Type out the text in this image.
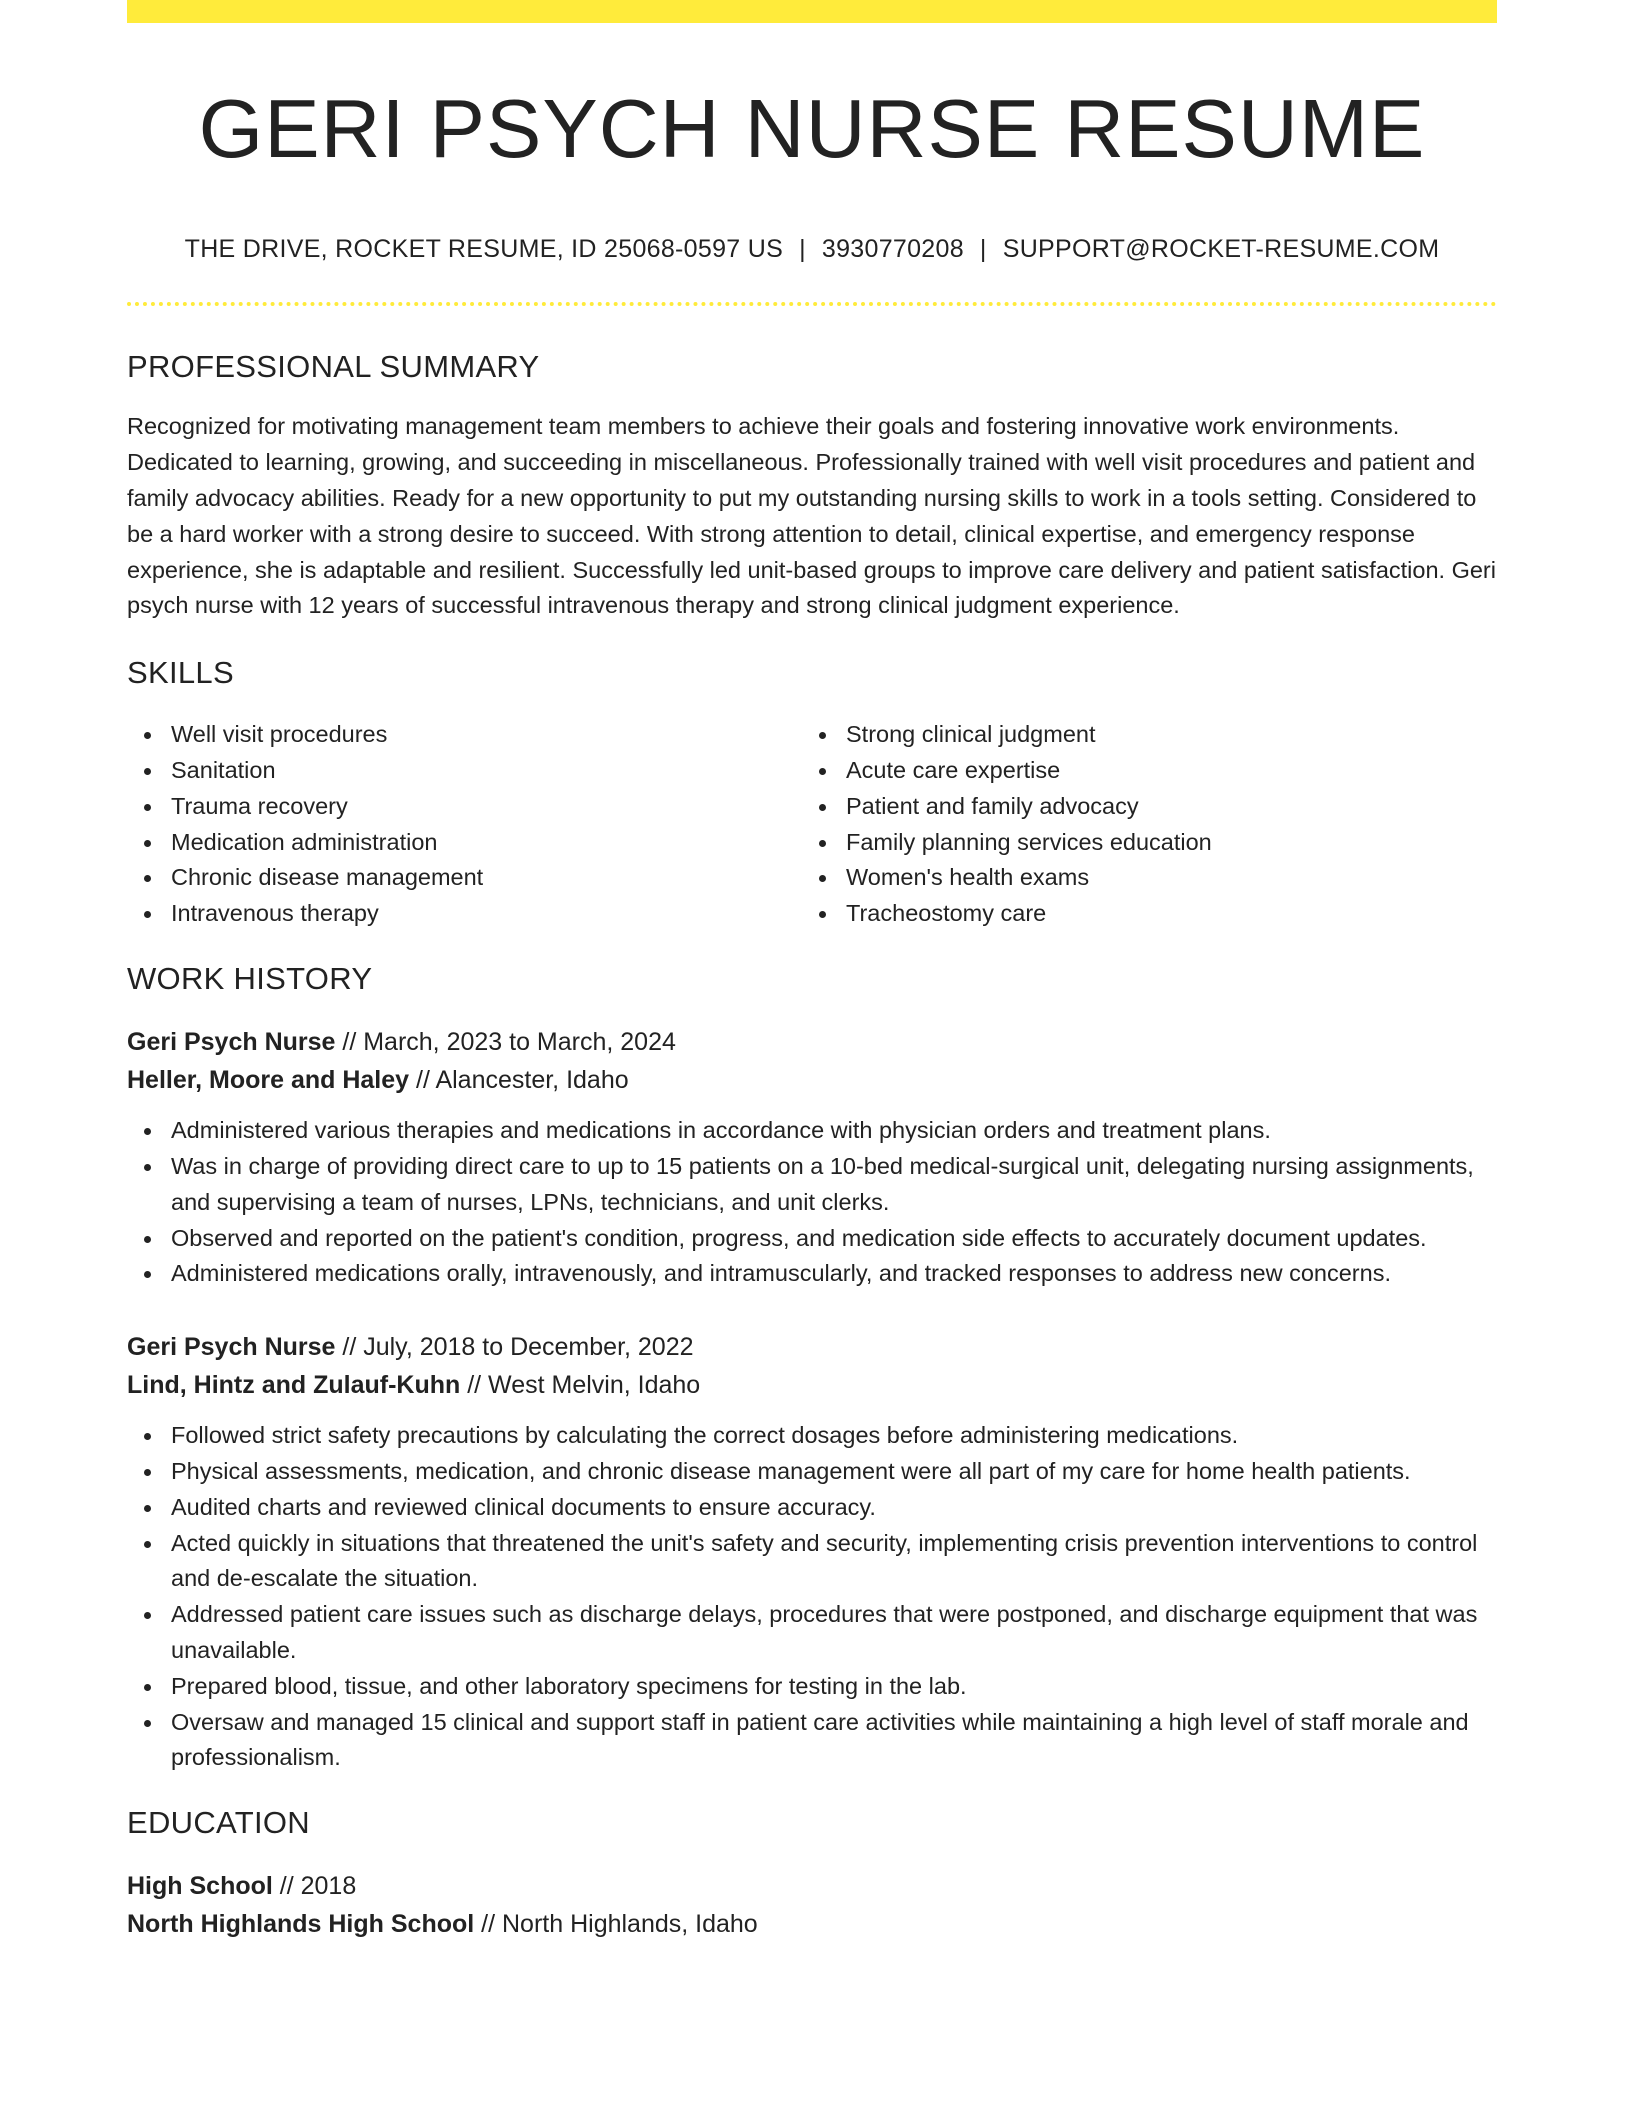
GERI PSYCH NURSE RESUME
THE DRIVE, ROCKET RESUME, ID 25068-0597 US | 3930770208 | SUPPORT@ROCKET-RESUME.COM
PROFESSIONAL SUMMARY

Recognized for motivating management team members to achieve their goals and fostering innovative work environments. Dedicated to learning, growing, and succeeding in miscellaneous. Professionally trained with well visit procedures and patient and family advocacy abilities. Ready for a new opportunity to put my outstanding nursing skills to work in a tools setting. Considered to be a hard worker with a strong desire to succeed. With strong attention to detail, clinical expertise, and emergency response experience, she is adaptable and resilient. Successfully led unit-based groups to improve care delivery and patient satisfaction. Geri psych nurse with 12 years of successful intravenous therapy and strong clinical judgment experience.

SKILLS
Well visit procedures
Sanitation
Trauma recovery
Medication administration
Chronic disease management
Intravenous therapy
Strong clinical judgment
Acute care expertise
Patient and family advocacy
Family planning services education
Women's health exams
Tracheostomy care
WORK HISTORY
Geri Psych Nurse // March, 2023 to March, 2024
Heller, Moore and Haley // Alancester, Idaho
Administered various therapies and medications in accordance with physician orders and treatment plans.
Was in charge of providing direct care to up to 15 patients on a 10-bed medical-surgical unit, delegating nursing assignments, and supervising a team of nurses, LPNs, technicians, and unit clerks.
Observed and reported on the patient's condition, progress, and medication side effects to accurately document updates.
Administered medications orally, intravenously, and intramuscularly, and tracked responses to address new concerns.
Geri Psych Nurse // July, 2018 to December, 2022
Lind, Hintz and Zulauf-Kuhn // West Melvin, Idaho
Followed strict safety precautions by calculating the correct dosages before administering medications.
Physical assessments, medication, and chronic disease management were all part of my care for home health patients.
Audited charts and reviewed clinical documents to ensure accuracy.
Acted quickly in situations that threatened the unit's safety and security, implementing crisis prevention interventions to control and de-escalate the situation.
Addressed patient care issues such as discharge delays, procedures that were postponed, and discharge equipment that was unavailable.
Prepared blood, tissue, and other laboratory specimens for testing in the lab.
Oversaw and managed 15 clinical and support staff in patient care activities while maintaining a high level of staff morale and professionalism.
EDUCATION
High School // 2018
North Highlands High School // North Highlands, Idaho
